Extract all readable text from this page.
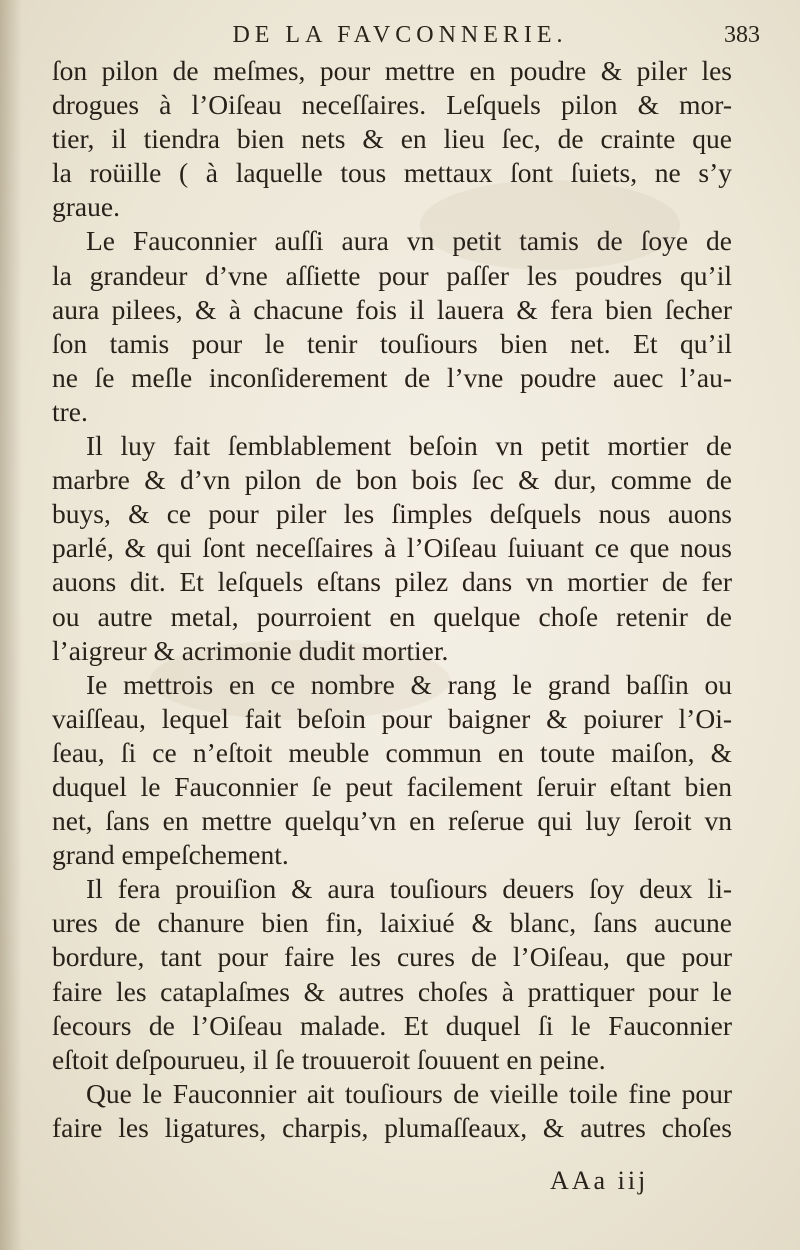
DE LA FAVCONNERIE.	383
ſon pilon de meſmes, pour mettre en poudre & piler les
drogues à l’Oiſeau neceſſaires. Leſquels pilon & mor-
tier, il tiendra bien nets & en lieu ſec, de crainte que
la roüille ( à laquelle tous mettaux ſont ſuiets, ne s’y
graue.
Le Fauconnier auſſi aura vn petit tamis de ſoye de
la grandeur d’vne aſſiette pour paſſer les poudres qu’il
aura pilees, & à chacune fois il lauera & fera bien ſecher
ſon tamis pour le tenir touſiours bien net. Et qu’il
ne ſe meſle inconſiderement de l’vne poudre auec l’au-
tre.
Il luy fait ſemblablement beſoin vn petit mortier de
marbre & d’vn pilon de bon bois ſec & dur, comme de
buys, & ce pour piler les ſimples deſquels nous auons
parlé, & qui ſont neceſſaires à l’Oiſeau ſuiuant ce que nous
auons dit. Et leſquels eſtans pilez dans vn mortier de fer
ou autre metal, pourroient en quelque choſe retenir de
l’aigreur & acrimonie dudit mortier.
Ie mettrois en ce nombre & rang le grand baſſin ou
vaiſſeau, lequel fait beſoin pour baigner & poiurer l’Oi-
ſeau, ſi ce n’eſtoit meuble commun en toute maiſon, &
duquel le Fauconnier ſe peut facilement ſeruir eſtant bien
net, ſans en mettre quelqu’vn en reſerue qui luy ſeroit vn
grand empeſchement.
Il fera prouiſion & aura touſiours deuers ſoy deux li-
ures de chanure bien fin, laixiué & blanc, ſans aucune
bordure, tant pour faire les cures de l’Oiſeau, que pour
faire les cataplaſmes & autres choſes à prattiquer pour le
ſecours de l’Oiſeau malade. Et duquel ſi le Fauconnier
eſtoit deſpourueu, il ſe trouueroit ſouuent en peine.
Que le Fauconnier ait touſiours de vieille toile fine pour
faire les ligatures, charpis, plumaſſeaux, & autres choſes
AAa iij
